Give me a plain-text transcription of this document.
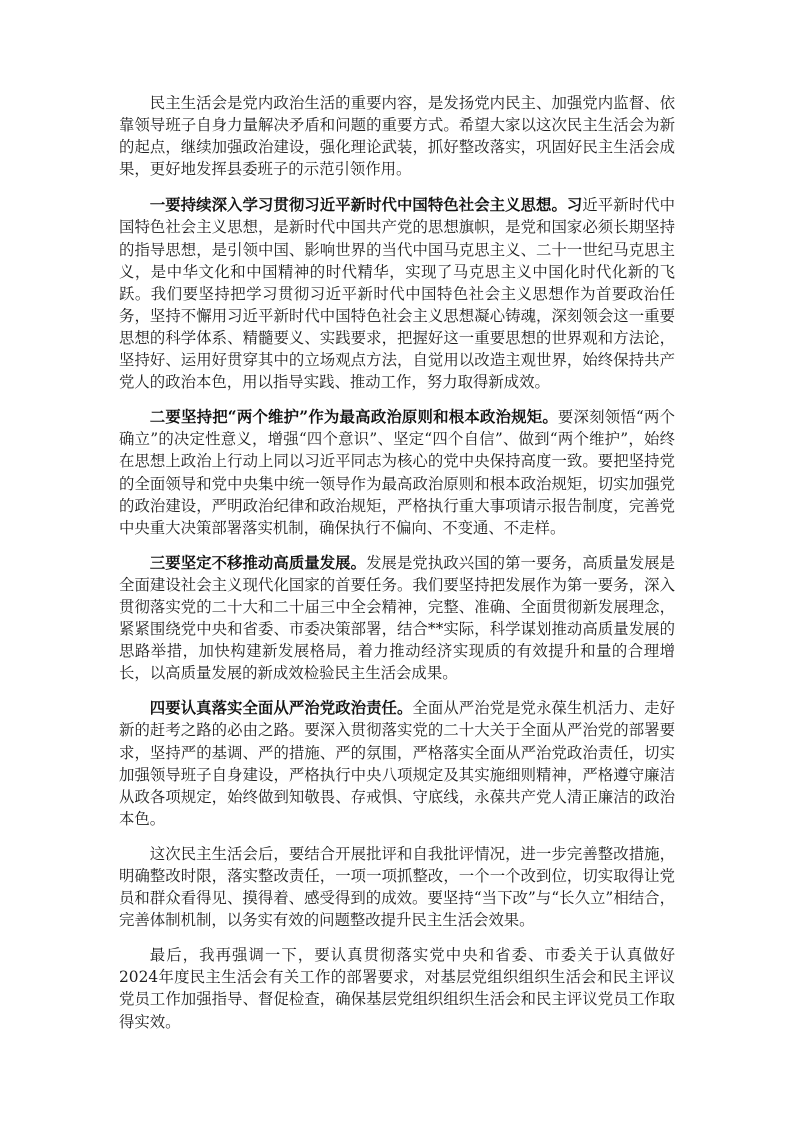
民主生活会是党内政治生活的重要内容，是发扬党内民主、加强党内监督、依靠领导班子自身力量解决矛盾和问题的重要方式。希望大家以这次民主生活会为新的起点，继续加强政治建设，强化理论武装，抓好整改落实，巩固好民主生活会成果，更好地发挥县委班子的示范引领作用。

一要持续深入学习贯彻习近平新时代中国特色社会主义思想。习近平新时代中国特色社会主义思想，是新时代中国共产党的思想旗帜，是党和国家必须长期坚持的指导思想，是引领中国、影响世界的当代中国马克思主义、二十一世纪马克思主义，是中华文化和中国精神的时代精华，实现了马克思主义中国化时代化新的飞跃。我们要坚持把学习贯彻习近平新时代中国特色社会主义思想作为首要政治任务，坚持不懈用习近平新时代中国特色社会主义思想凝心铸魂，深刻领会这一重要思想的科学体系、精髓要义、实践要求，把握好这一重要思想的世界观和方法论，坚持好、运用好贯穿其中的立场观点方法，自觉用以改造主观世界，始终保持共产党人的政治本色，用以指导实践、推动工作，努力取得新成效。

二要坚持把“两个维护”作为最高政治原则和根本政治规矩。要深刻领悟“两个确立”的决定性意义，增强“四个意识”、坚定“四个自信”、做到“两个维护”，始终在思想上政治上行动上同以习近平同志为核心的党中央保持高度一致。要把坚持党的全面领导和党中央集中统一领导作为最高政治原则和根本政治规矩，切实加强党的政治建设，严明政治纪律和政治规矩，严格执行重大事项请示报告制度，完善党中央重大决策部署落实机制，确保执行不偏向、不变通、不走样。

三要坚定不移推动高质量发展。发展是党执政兴国的第一要务，高质量发展是全面建设社会主义现代化国家的首要任务。我们要坚持把发展作为第一要务，深入贯彻落实党的二十大和二十届三中全会精神，完整、准确、全面贯彻新发展理念，紧紧围绕党中央和省委、市委决策部署，结合**实际，科学谋划推动高质量发展的思路举措，加快构建新发展格局，着力推动经济实现质的有效提升和量的合理增长，以高质量发展的新成效检验民主生活会成果。

四要认真落实全面从严治党政治责任。全面从严治党是党永葆生机活力、走好新的赶考之路的必由之路。要深入贯彻落实党的二十大关于全面从严治党的部署要求，坚持严的基调、严的措施、严的氛围，严格落实全面从严治党政治责任，切实加强领导班子自身建设，严格执行中央八项规定及其实施细则精神，严格遵守廉洁从政各项规定，始终做到知敬畏、存戒惧、守底线，永葆共产党人清正廉洁的政治本色。

这次民主生活会后，要结合开展批评和自我批评情况，进一步完善整改措施，明确整改时限，落实整改责任，一项一项抓整改，一个一个改到位，切实取得让党员和群众看得见、摸得着、感受得到的成效。要坚持“当下改”与“长久立”相结合，完善体制机制，以务实有效的问题整改提升民主生活会效果。

最后，我再强调一下，要认真贯彻落实党中央和省委、市委关于认真做好2024年度民主生活会有关工作的部署要求，对基层党组织组织生活会和民主评议党员工作加强指导、督促检查，确保基层党组织组织生活会和民主评议党员工作取得实效。
